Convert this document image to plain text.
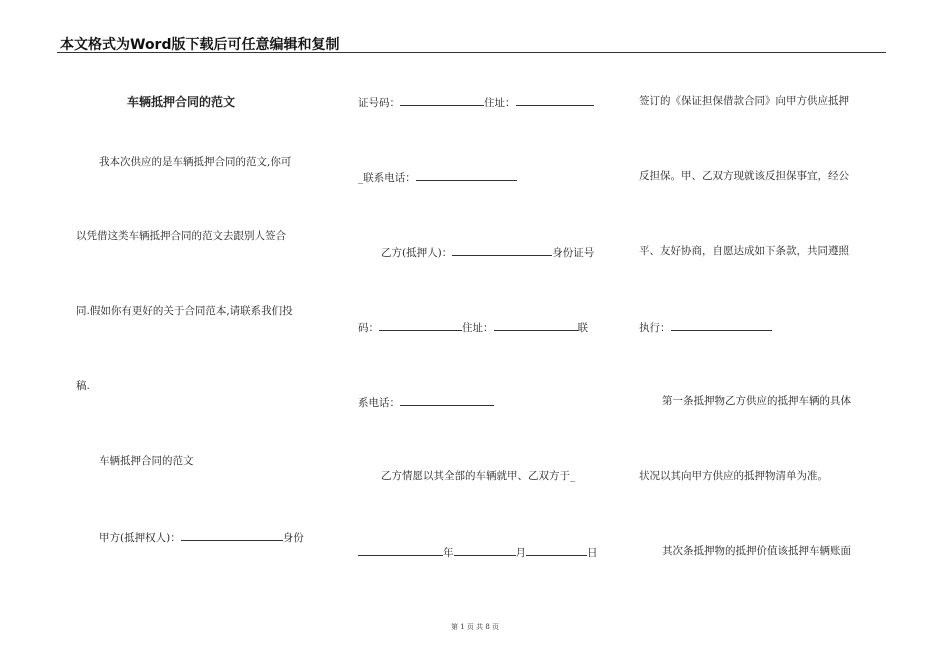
本文格式为Word版下载后可任意编辑和复制
车辆抵押合同的范文
我本次供应的是车辆抵押合同的范文,你可
以凭借这类车辆抵押合同的范文去跟别人签合
同.假如你有更好的关于合同范本,请联系我们投
稿.
车辆抵押合同的范文
甲方(抵押权人)：	身份
证号码：	住址：
_联系电话：
乙方(抵押人)：	身份证号
码：	住址：	联
系电话：
乙方情愿以其全部的车辆就甲、乙双方于_
年	月	日
签订的《保证担保借款合同》向甲方供应抵押
反担保。甲、乙双方现就该反担保事宜，经公
平、友好协商，自愿达成如下条款，共同遵照
执行：
第一条抵押物乙方供应的抵押车辆的具体
状况以其向甲方供应的抵押物清单为准。
其次条抵押物的抵押价值该抵押车辆账面
第 1 页 共 8 页
